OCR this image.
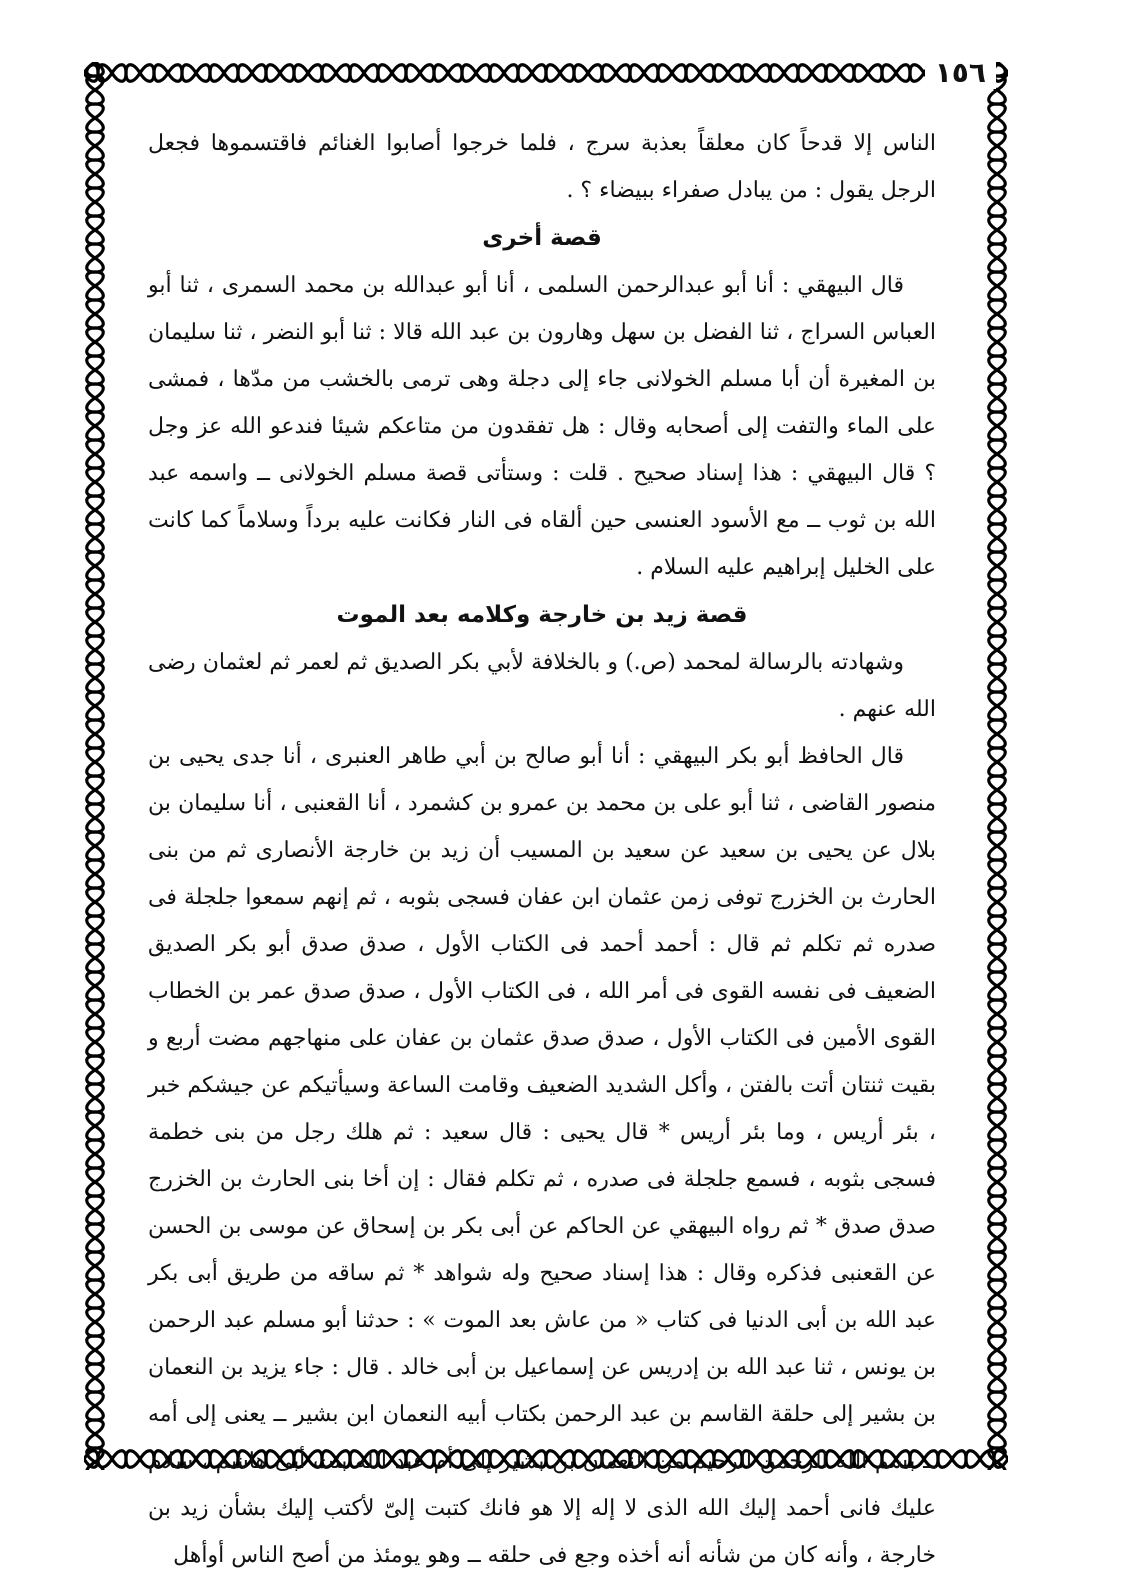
١٥٦

الناس إلا قدحاً كان معلقاً بعذبة سرج ، فلما خرجوا أصابوا الغنائم فاقتسموها فجعل الرجل يقول : من يبادل صفراء ببيضاء ؟ .

قصة أخرى

قال البيهقي : أنا أبو عبدالرحمن السلمى ، أنا أبو عبدالله بن محمد السمرى ، ثنا أبو العباس السراج ، ثنا الفضل بن سهل وهارون بن عبد الله قالا : ثنا أبو النضر ، ثنا سليمان بن المغيرة أن أبا مسلم الخولانى جاء إلى دجلة وهى ترمى بالخشب من مدّها ، فمشى على الماء والتفت إلى أصحابه وقال : هل تفقدون من متاعكم شيئا فندعو الله عز وجل ؟ قال البيهقي : هذا إسناد صحيح . قلت : وستأتى قصة مسلم الخولانى ــ واسمه عبد الله بن ثوب ــ مع الأسود العنسى حين ألقاه فى النار فكانت عليه برداً وسلاماً كما كانت على الخليل إبراهيم عليه السلام .

قصة زيد بن خارجة وكلامه بعد الموت

وشهادته بالرسالة لمحمد (ص.) و بالخلافة لأبي بكر الصديق ثم لعمر ثم لعثمان رضى الله عنهم .

قال الحافظ أبو بكر البيهقي : أنا أبو صالح بن أبي طاهر العنبرى ، أنا جدى يحيى بن منصور القاضى ، ثنا أبو على بن محمد بن عمرو بن كشمرد ، أنا القعنبى ، أنا سليمان بن بلال عن يحيى بن سعيد عن سعيد بن المسيب أن زيد بن خارجة الأنصارى ثم من بنى الحارث بن الخزرج توفى زمن عثمان ابن عفان فسجى بثوبه ، ثم إنهم سمعوا جلجلة فى صدره ثم تكلم ثم قال : أحمد أحمد فى الكتاب الأول ، صدق صدق أبو بكر الصديق الضعيف فى نفسه القوى فى أمر الله ، فى الكتاب الأول ، صدق صدق عمر بن الخطاب القوى الأمين فى الكتاب الأول ، صدق صدق عثمان بن عفان على منهاجهم مضت أربع و بقيت ثنتان أتت بالفتن ، وأكل الشديد الضعيف وقامت الساعة وسيأتيكم عن جيشكم خبر ، بئر أريس ، وما بئر أريس * قال يحيى : قال سعيد : ثم هلك رجل من بنى خطمة فسجى بثوبه ، فسمع جلجلة فى صدره ، ثم تكلم فقال : إن أخا بنى الحارث بن الخزرج صدق صدق * ثم رواه البيهقي عن الحاكم عن أبى بكر بن إسحاق عن موسى بن الحسن عن القعنبى فذكره وقال : هذا إسناد صحيح وله شواهد * ثم ساقه من طريق أبى بكر عبد الله بن أبى الدنيا فى كتاب « من عاش بعد الموت » : حدثنا أبو مسلم عبد الرحمن بن يونس ، ثنا عبد الله بن إدريس عن إسماعيل بن أبى خالد . قال : جاء يزيد بن النعمان بن بشير إلى حلقة القاسم بن عبد الرحمن بكتاب أبيه النعمان ابن بشير ــ يعنى إلى أمه ــ بسم الله الرحمن الرحيم من النعمان بن بشير إلى أم عبد الله بنت أبى هاشم ، سلام عليك فانى أحمد إليك الله الذى لا إله إلا هو فانك كتبت إلىّ لأكتب إليك بشأن زيد بن خارجة ، وأنه كان من شأنه أنه أخذه وجع فى حلقه ــ وهو يومئذ من أصح الناس أوأهل
